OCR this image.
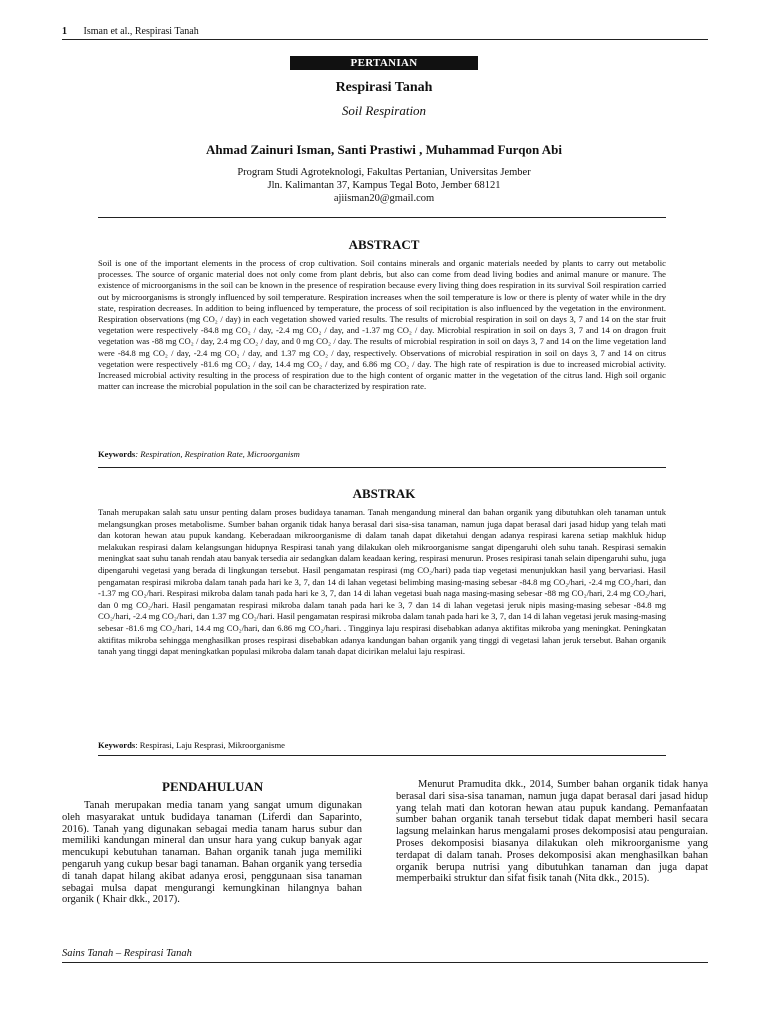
1 Isman et al., Respirasi Tanah
PERTANIAN
Respirasi Tanah
Soil Respiration
Ahmad Zainuri Isman, Santi Prastiwi , Muhammad Furqon Abi
Program Studi Agroteknologi, Fakultas Pertanian, Universitas Jember
Jln. Kalimantan 37, Kampus Tegal Boto, Jember 68121
ajiisman20@gmail.com
ABSTRACT

Soil is one of the important elements in the process of crop cultivation. Soil contains minerals and organic materials needed by plants to carry out metabolic processes. The source of organic material does not only come from plant debris, but also can come from dead living bodies and animal manure or manure. The existence of microorganisms in the soil can be known in the presence of respiration because every living thing does respiration in its survival Soil respiration carried out by microorganisms is strongly influenced by soil temperature. Respiration increases when the soil temperature is low or there is plenty of water while in the dry state, respiration decreases. In addition to being influenced by temperature, the process of soil recipitation is also influenced by the vegetation in the environment. Respiration observations (mg CO₂ / day) in each vegetation showed varied results. The results of microbial respiration in soil on days 3, 7 and 14 on the star fruit vegetation were respectively -84.8 mg CO₂ / day, -2.4 mg CO₂ / day, and -1.37 mg CO₂ / day. Microbial respiration in soil on days 3, 7 and 14 on dragon fruit vegetation was -88 mg CO₂ / day, 2.4 mg CO₂ / day, and 0 mg CO₂ / day. The results of microbial respiration in soil on days 3, 7 and 14 on the lime vegetation land were -84.8 mg CO₂ / day, -2.4 mg CO₂ / day, and 1.37 mg CO₂ / day, respectively. Observations of microbial respiration in soil on days 3, 7 and 14 on citrus vegetation were respectively -81.6 mg CO₂ / day, 14.4 mg CO₂ / day, and 6.86 mg CO₂ / day. The high rate of respiration is due to increased microbial activity. Increased microbial activity resulting in the process of respiration due to the high content of organic matter in the vegetation of the citrus land. High soil organic matter can increase the microbial population in the soil can be characterized by respiration rate.

Keywords: Respiration, Respiration Rate, Microorganism
ABSTRAK

Tanah merupakan salah satu unsur penting dalam proses budidaya tanaman. Tanah mengandung mineral dan bahan organik yang dibutuhkan oleh tanaman untuk melangsungkan proses metabolisme. Sumber bahan organik tidak hanya berasal dari sisa-sisa tanaman, namun juga dapat berasal dari jasad hidup yang telah mati dan kotoran hewan atau pupuk kandang. Keberadaan mikroorganisme di dalam tanah dapat diketahui dengan adanya respirasi karena setiap makhluk hidup melakukan respirasi dalam kelangsungan hidupnya Respirasi tanah yang dilakukan oleh mikroorganisme sangat dipengaruhi oleh suhu tanah. Respirasi semakin meningkat saat suhu tanah rendah atau banyak tersedia air sedangkan dalam keadaan kering, respirasi menurun. Proses resipirasi tanah selain dipengaruhi suhu, juga dipengaruhi vegetasi yang berada di lingkungan tersebut. Hasil pengamatan respirasi (mg CO₂/hari) pada tiap vegetasi menunjukkan hasil yang bervariasi. Hasil pengamatan respirasi mikroba dalam tanah pada hari ke 3, 7, dan 14 di lahan vegetasi belimbing masing-masing sebesar -84.8 mg CO₂/hari, -2.4 mg CO₂/hari, dan -1.37 mg CO₂/hari. Respirasi mikroba dalam tanah pada hari ke 3, 7, dan 14 di lahan vegetasi buah naga masing-masing sebesar -88 mg CO₂/hari, 2.4 mg CO₂/hari, dan 0 mg CO₂/hari. Hasil pengamatan respirasi mikroba dalam tanah pada hari ke 3, 7 dan 14 di lahan vegetasi jeruk nipis masing-masing sebesar -84.8 mg CO₂/hari, -2.4 mg CO₂/hari, dan 1.37 mg CO₂/hari. Hasil pengamatan respirasi mikroba dalam tanah pada hari ke 3, 7, dan 14 di lahan vegetasi jeruk masing-masing sebesar -81.6 mg CO₂/hari, 14.4 mg CO₂/hari, dan 6.86 mg CO₂/hari. . Tingginya laju respirasi disebabkan adanya aktifitas mikroba yang meningkat. Peningkatan aktifitas mikroba sehingga menghasilkan proses respirasi disebabkan adanya kandungan bahan organik yang tinggi di vegetasi lahan jeruk tersebut. Bahan organik tanah yang tinggi dapat meningkatkan populasi mikroba dalam tanah dapat dicirikan melalui laju respirasi.

Keywords: Respirasi, Laju Resprasi, Mikroorganisme
PENDAHULUAN

Tanah merupakan media tanam yang sangat umum digunakan oleh masyarakat untuk budidaya tanaman (Liferdi dan Saparinto, 2016). Tanah yang digunakan sebagai media tanam harus subur dan memiliki kandungan mineral dan unsur hara yang cukup banyak agar mencukupi kebutuhan tanaman. Bahan organik tanah juga memiliki pengaruh yang cukup besar bagi tanaman. Bahan organik yang tersedia di tanah dapat hilang akibat adanya erosi, penggunaan sisa tanaman sebagai mulsa dapat mengurangi kemungkinan hilangnya bahan organik ( Khair dkk., 2017).

Menurut Pramudita dkk., 2014, Sumber bahan organik tidak hanya berasal dari sisa-sisa tanaman, namun juga dapat berasal dari jasad hidup yang telah mati dan kotoran hewan atau pupuk kandang. Pemanfaatan sumber bahan organik tanah tersebut tidak dapat memberi hasil secara lagsung melainkan harus mengalami proses dekomposisi atau penguraian. Proses dekomposisi biasanya dilakukan oleh mikroorganisme yang terdapat di dalam tanah. Proses dekomposisi akan menghasilkan bahan organik berupa nutrisi yang dibutuhkan tanaman dan juga dapat memperbaiki struktur dan sifat fisik tanah (Nita dkk., 2015).

Sains Tanah – Respirasi Tanah
